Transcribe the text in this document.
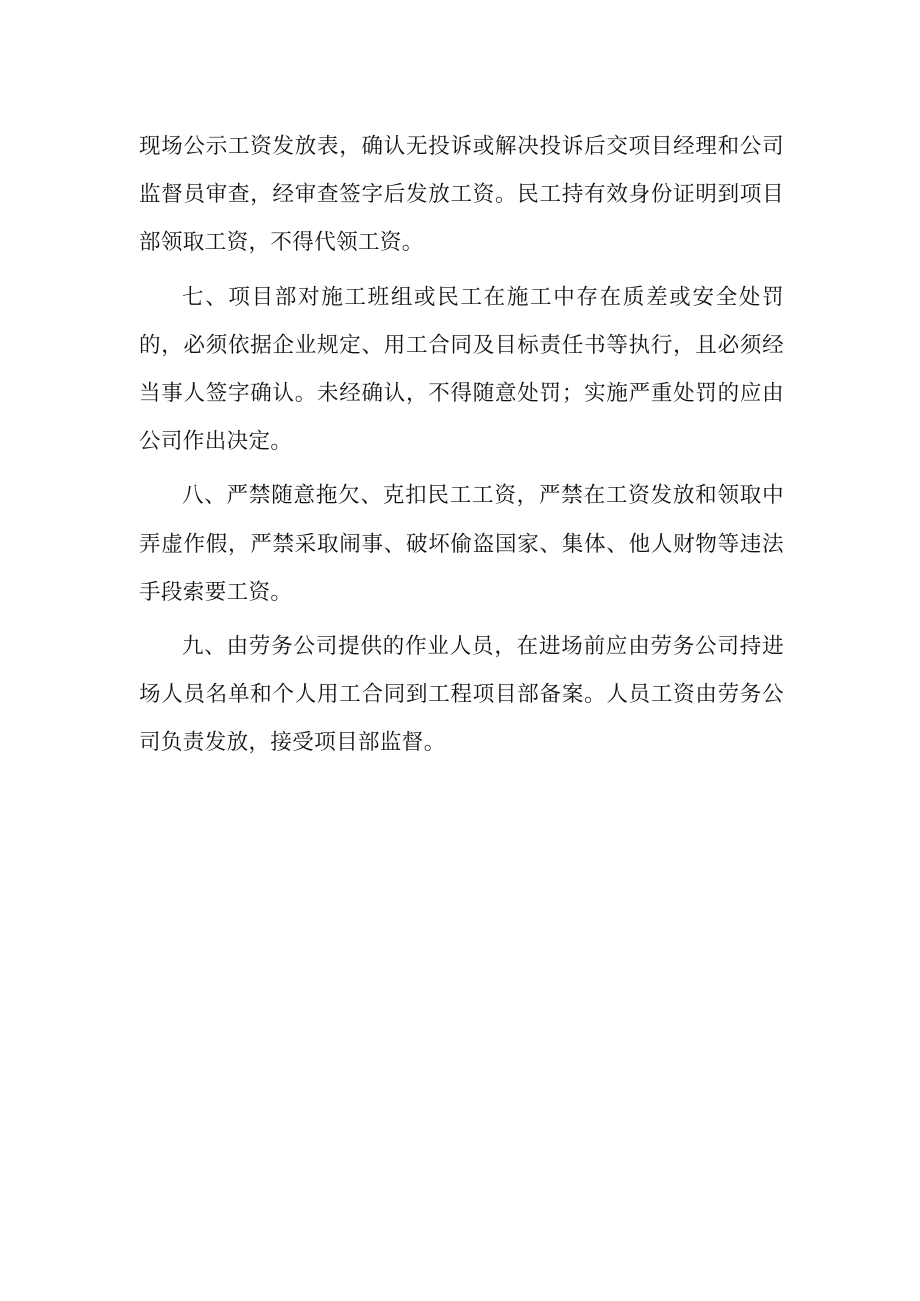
现场公示工资发放表，确认无投诉或解决投诉后交项目经理和公司监督员审查，经审查签字后发放工资。民工持有效身份证明到项目部领取工资，不得代领工资。

七、项目部对施工班组或民工在施工中存在质差或安全处罚的，必须依据企业规定、用工合同及目标责任书等执行，且必须经当事人签字确认。未经确认，不得随意处罚；实施严重处罚的应由公司作出决定。

八、严禁随意拖欠、克扣民工工资，严禁在工资发放和领取中弄虚作假，严禁采取闹事、破坏偷盗国家、集体、他人财物等违法手段索要工资。

九、由劳务公司提供的作业人员，在进场前应由劳务公司持进场人员名单和个人用工合同到工程项目部备案。人员工资由劳务公司负责发放，接受项目部监督。
